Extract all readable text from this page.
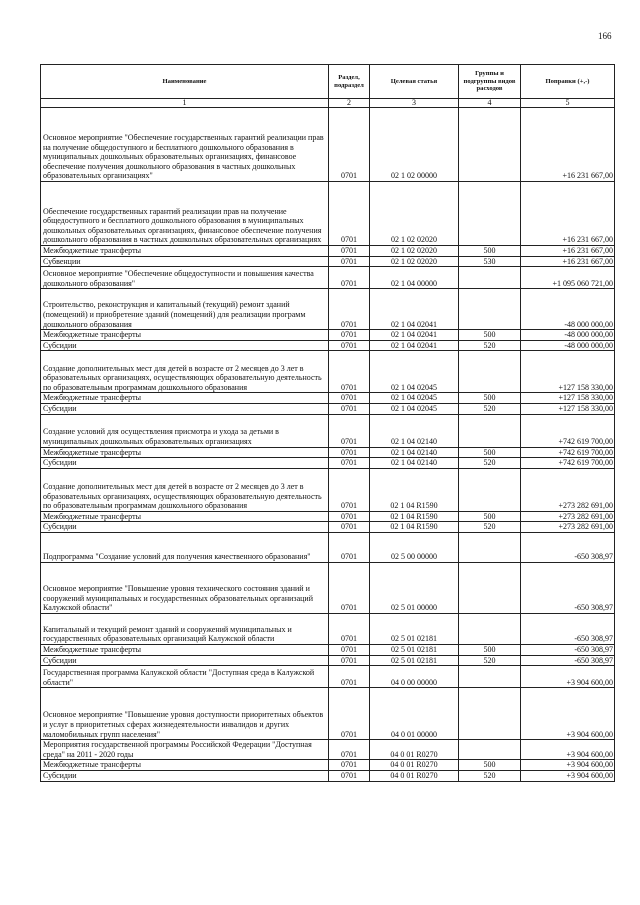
166
Наименование	Раздел, подраздел	Целевая статья	Группы и подгруппы видов расходов	Поправки (+,-)
1	2	3	4	5
Основное мероприятие "Обеспечение государственных гарантий реализации прав на получение общедоступного и бесплатного дошкольного образования в муниципальных дошкольных образовательных организациях, финансовое обеспечение получения дошкольного образования в частных дошкольных образовательных организациях"	0701	02 1 02 00000		+16 231 667,00
Обеспечение государственных гарантий реализации прав на получение общедоступного и бесплатного дошкольного образования в муниципальных дошкольных образовательных организациях, финансовое обеспечение получения дошкольного образования в частных дошкольных образовательных организациях	0701	02 1 02 02020		+16 231 667,00
Межбюджетные трансферты	0701	02 1 02 02020	500	+16 231 667,00
Субвенции	0701	02 1 02 02020	530	+16 231 667,00
Основное мероприятие "Обеспечение общедоступности и повышения качества дошкольного образования"	0701	02 1 04 00000		+1 095 060 721,00
Строительство, реконструкция и капитальный (текущий) ремонт зданий (помещений) и приобретение зданий (помещений) для реализации программ дошкольного образования	0701	02 1 04 02041		-48 000 000,00
Межбюджетные трансферты	0701	02 1 04 02041	500	-48 000 000,00
Субсидии	0701	02 1 04 02041	520	-48 000 000,00
Создание дополнительных мест для детей в возрасте от 2 месяцев до 3 лет в образовательных организациях, осуществляющих образовательную деятельность по образовательным программам дошкольного образования	0701	02 1 04 02045		+127 158 330,00
Межбюджетные трансферты	0701	02 1 04 02045	500	+127 158 330,00
Субсидии	0701	02 1 04 02045	520	+127 158 330,00
Создание условий для осуществления присмотра и ухода за детьми в муниципальных дошкольных образовательных организациях	0701	02 1 04 02140		+742 619 700,00
Межбюджетные трансферты	0701	02 1 04 02140	500	+742 619 700,00
Субсидии	0701	02 1 04 02140	520	+742 619 700,00
Создание дополнительных мест для детей в возрасте от 2 месяцев до 3 лет в образовательных организациях, осуществляющих образовательную деятельность по образовательным программам дошкольного образования	0701	02 1 04 R1590		+273 282 691,00
Межбюджетные трансферты	0701	02 1 04 R1590	500	+273 282 691,00
Субсидии	0701	02 1 04 R1590	520	+273 282 691,00
Подпрограмма "Создание условий для получения качественного образования"	0701	02 5 00 00000		-650 308,97
Основное мероприятие "Повышение уровня технического состояния зданий и сооружений муниципальных и государственных образовательных организаций Калужской области"	0701	02 5 01 00000		-650 308,97
Капитальный и текущий ремонт зданий и сооружений муниципальных и государственных образовательных организаций Калужской области	0701	02 5 01 02181		-650 308,97
Межбюджетные трансферты	0701	02 5 01 02181	500	-650 308,97
Субсидии	0701	02 5 01 02181	520	-650 308,97
Государственная программа Калужской области "Доступная среда в Калужской области"	0701	04 0 00 00000		+3 904 600,00
Основное мероприятие "Повышение уровня доступности приоритетных объектов и услуг в приоритетных сферах жизнедеятельности инвалидов и других маломобильных групп населения"	0701	04 0 01 00000		+3 904 600,00
Мероприятия государственной программы Российской Федерации "Доступная среда" на 2011 - 2020 годы	0701	04 0 01 R0270		+3 904 600,00
Межбюджетные трансферты	0701	04 0 01 R0270	500	+3 904 600,00
Субсидии	0701	04 0 01 R0270	520	+3 904 600,00
